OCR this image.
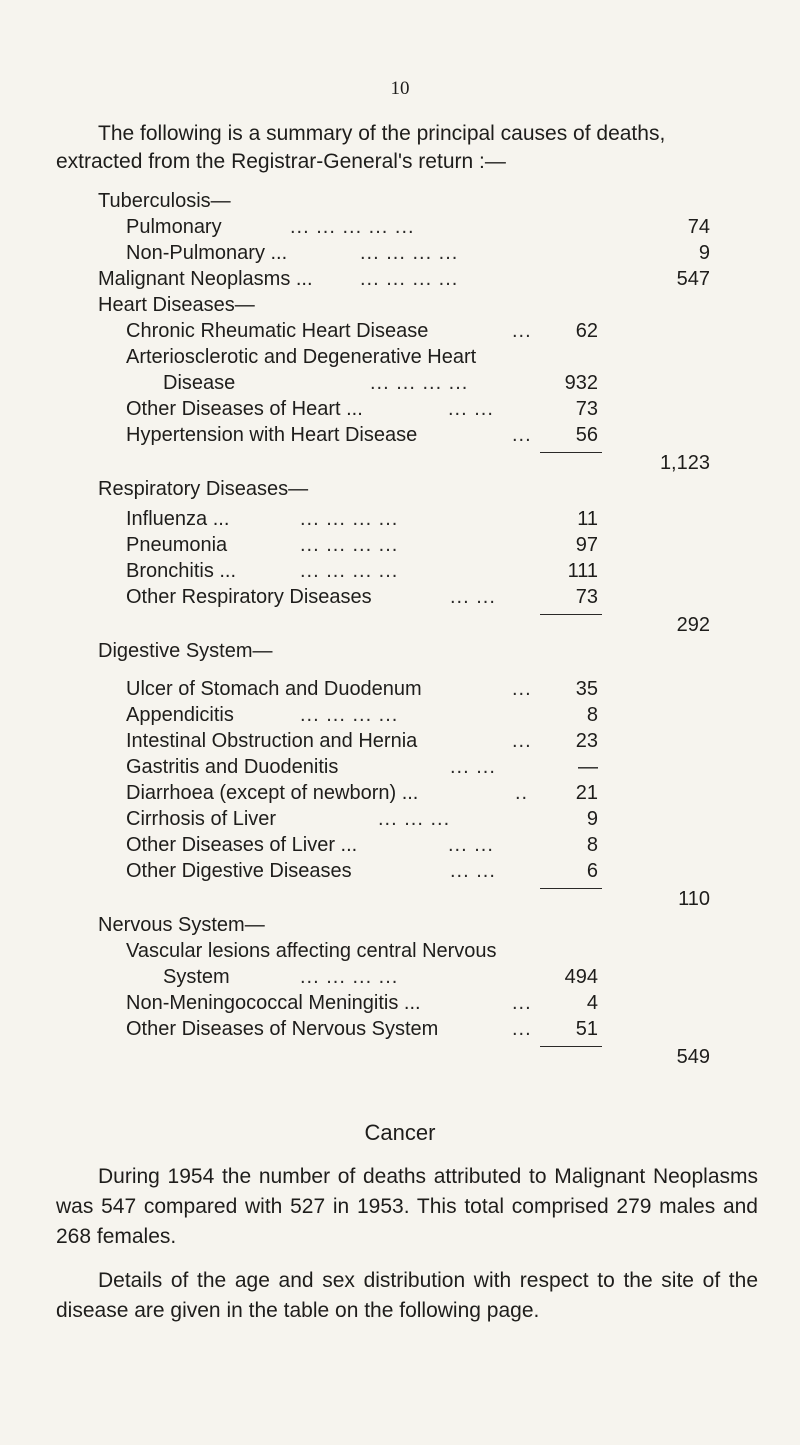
10
The following is a summary of the principal causes of deaths,
extracted from the Registrar-General's return :—
Tuberculosis—
Pulmonary	... ... ... ... ...	74
Non-Pulmonary ...	... ... ... ...	9
Malignant Neoplasms ... ... ... ... ...	547
Heart Diseases—
Chronic Rheumatic Heart Disease	...	62
Arteriosclerotic and Degenerative Heart
Disease	... ... ... ...	932
Other Diseases of Heart ...	... ...	73
Hypertension with Heart Disease	...	56
1,123
Respiratory Diseases—
Influenza ...	... ... ... ...	11
Pneumonia	... ... ... ...	97
Bronchitis ...	... ... ... ...	111
Other Respiratory Diseases	... ...	73
292
Digestive System—
Ulcer of Stomach and Duodenum	...	35
Appendicitis	... ... ... ...	8
Intestinal Obstruction and Hernia	...	23
Gastritis and Duodenitis	... ...	—
Diarrhoea (except of newborn) ...	..	21
Cirrhosis of Liver	... ... ...	9
Other Diseases of Liver ...	... ...	8
Other Digestive Diseases	... ...	6
110
Nervous System—
Vascular lesions affecting central Nervous
System	... ... ... ...	494
Non-Meningococcal Meningitis ...	...	4
Other Diseases of Nervous System	...	51
549
Cancer
During 1954 the number of deaths attributed to Malignant Neoplasms was 547 compared with 527 in 1953. This total comprised 279 males and 268 females.
Details of the age and sex distribution with respect to the site of the disease are given in the table on the following page.
